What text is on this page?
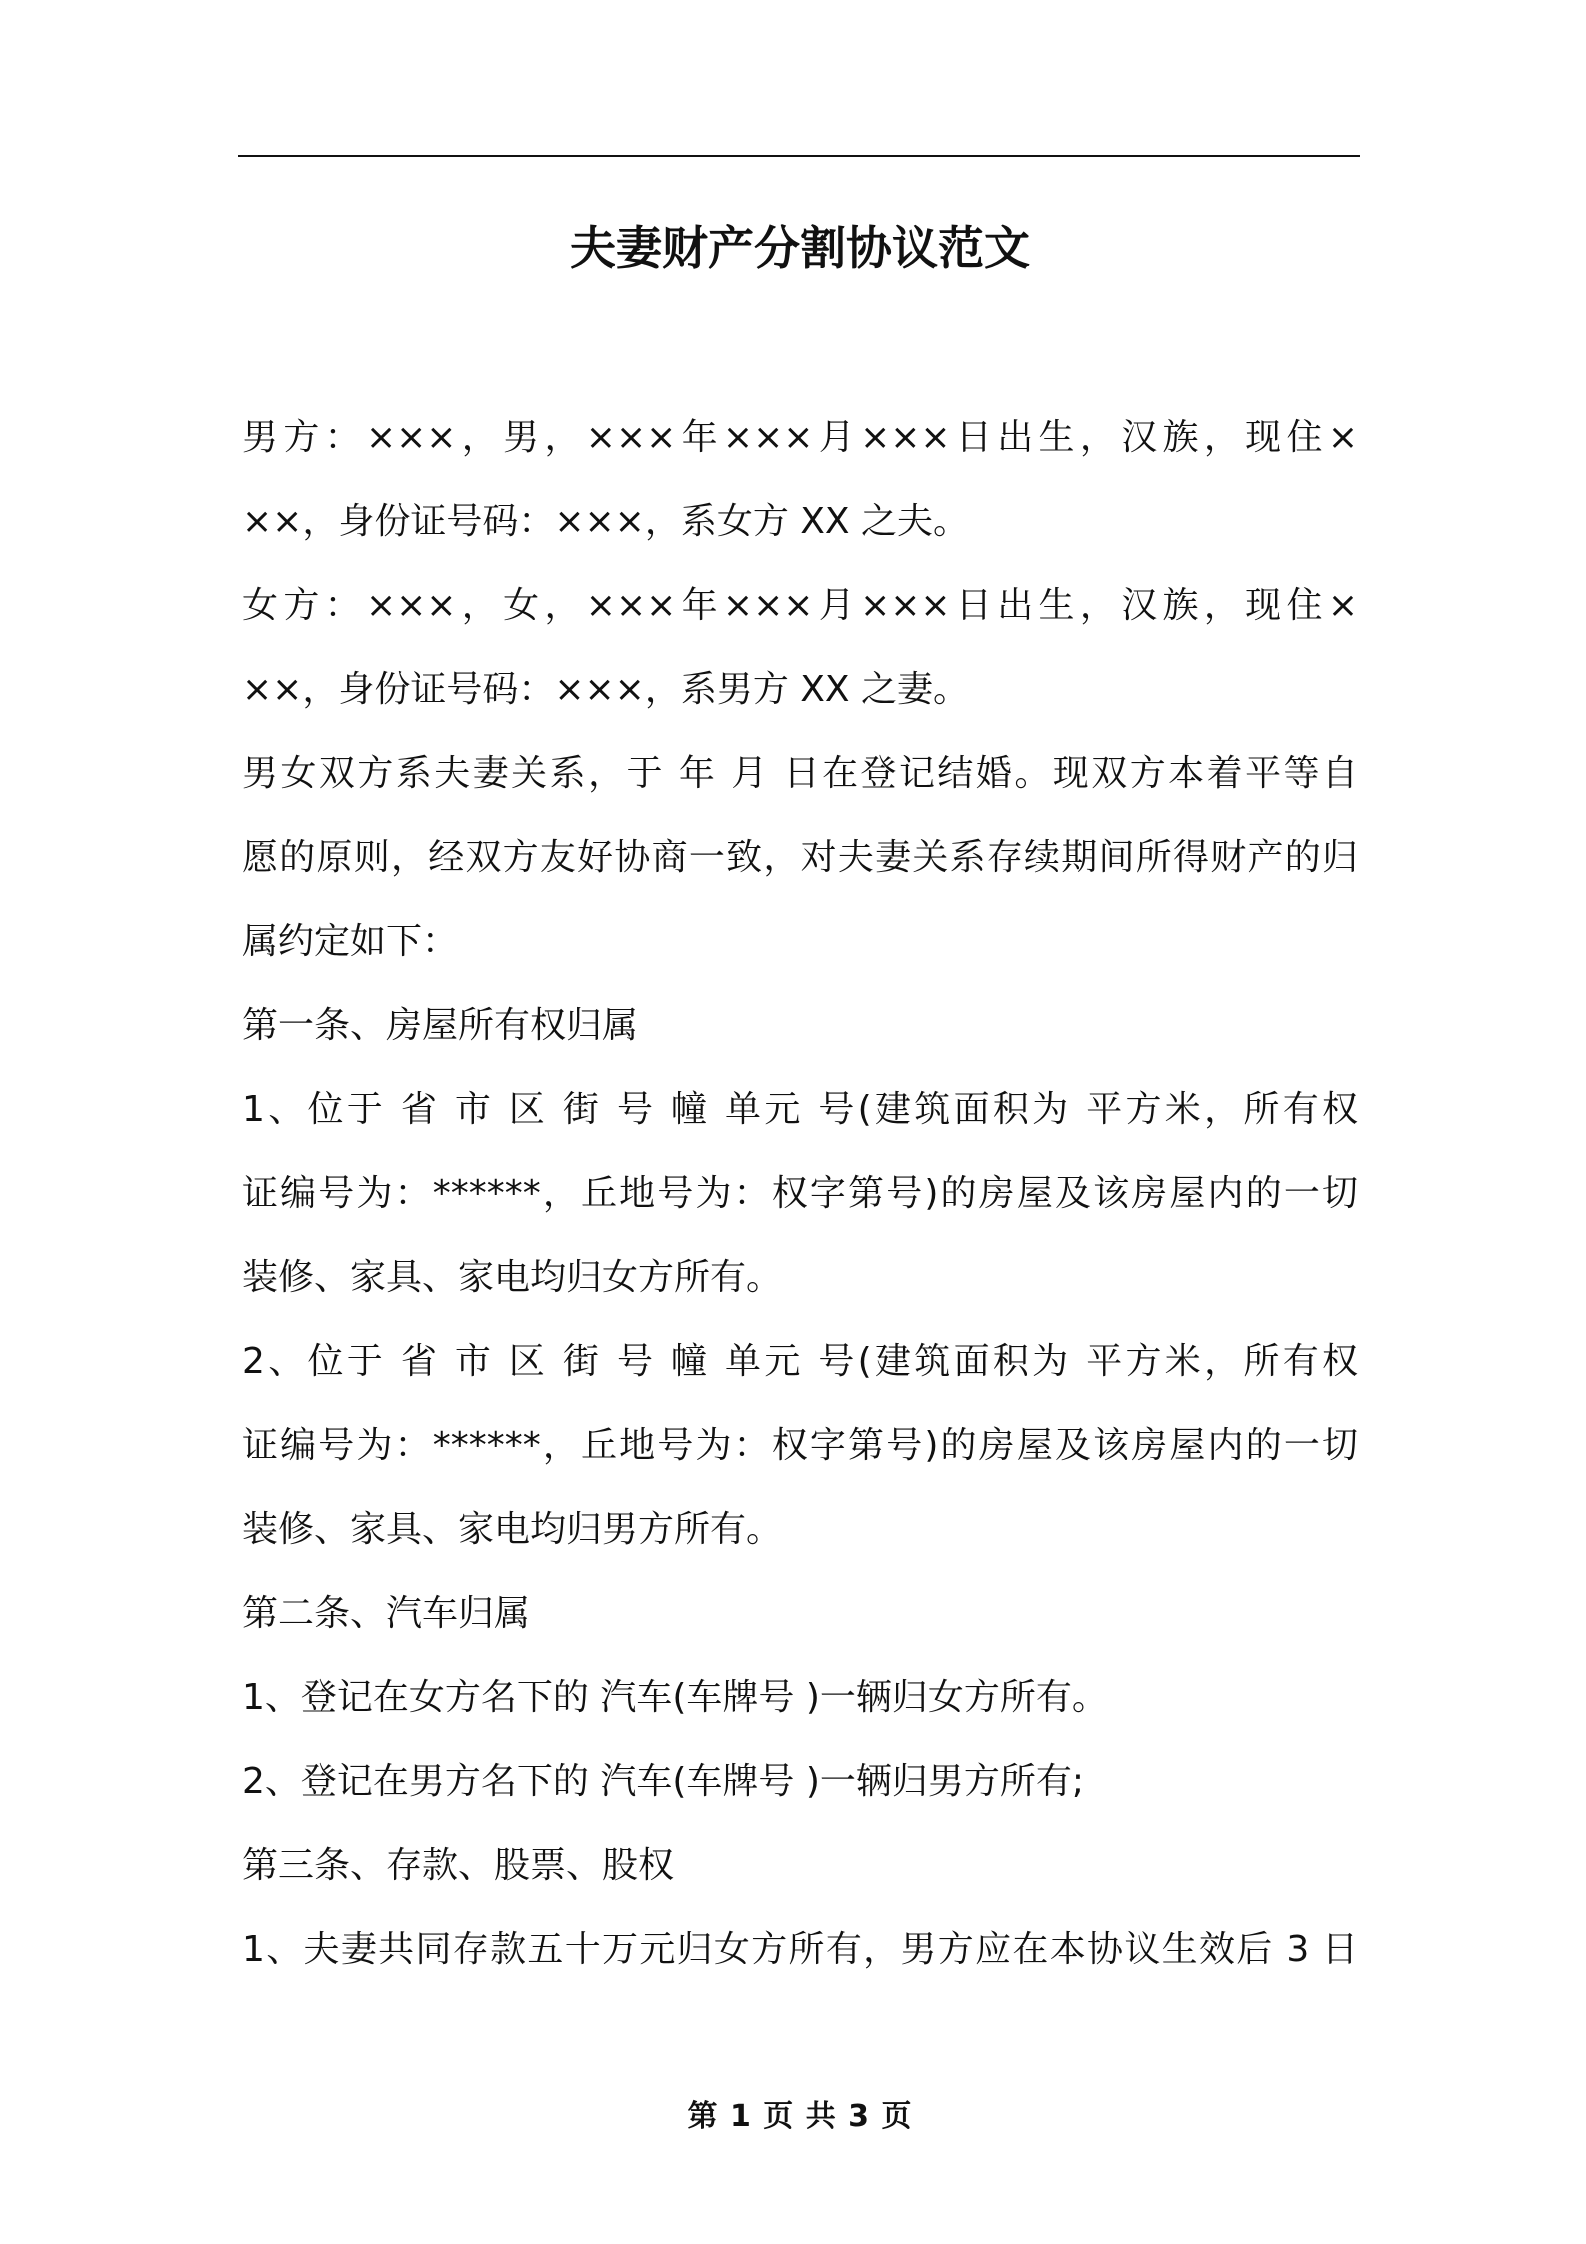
夫妻财产分割协议范文
男方：×××，男，×××年×××月×××日出生，汉族，现住×
××，身份证号码：×××，系女方 XX 之夫。
女方：×××，女，×××年×××月×××日出生，汉族，现住×
××，身份证号码：×××，系男方 XX 之妻。
男女双方系夫妻关系，于 年 月 日在登记结婚。现双方本着平等自
愿的原则，经双方友好协商一致，对夫妻关系存续期间所得财产的归
属约定如下：
第一条、房屋所有权归属
1、位于 省 市 区 街 号 幢 单元 号(建筑面积为 平方米，所有权
证编号为：******，丘地号为：权字第号)的房屋及该房屋内的一切
装修、家具、家电均归女方所有。
2、位于 省 市 区 街 号 幢 单元 号(建筑面积为 平方米，所有权
证编号为：******，丘地号为：权字第号)的房屋及该房屋内的一切
装修、家具、家电均归男方所有。
第二条、汽车归属
1、登记在女方名下的 汽车(车牌号 )一辆归女方所有。
2、登记在男方名下的 汽车(车牌号 )一辆归男方所有;
第三条、存款、股票、股权
1、夫妻共同存款五十万元归女方所有，男方应在本协议生效后 3 日
第 1 页 共 3 页
